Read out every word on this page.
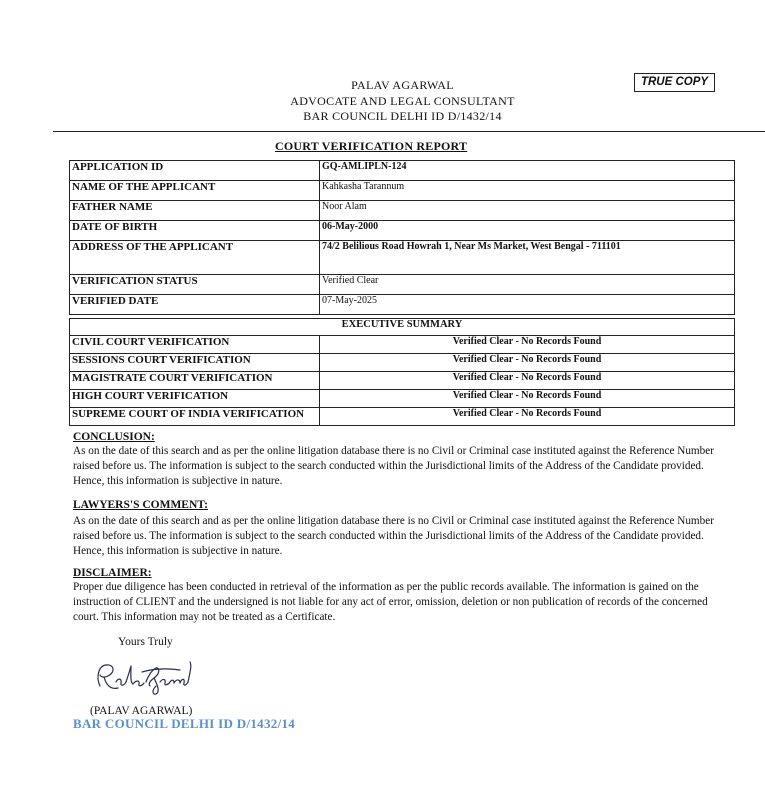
PALAV AGARWAL
ADVOCATE AND LEGAL CONSULTANT
BAR COUNCIL DELHI ID D/1432/14
TRUE COPY
COURT VERIFICATION REPORT
APPLICATION ID	GQ-AMLIPLN-124
NAME OF THE APPLICANT	Kahkasha Tarannum
FATHER NAME	Noor Alam
DATE OF BIRTH	06-May-2000
ADDRESS OF THE APPLICANT	74/2 Belilious Road Howrah 1, Near Ms Market, West Bengal - 711101
VERIFICATION STATUS	Verified Clear
VERIFIED DATE	07-May-2025
EXECUTIVE SUMMARY	
CIVIL COURT VERIFICATION	Verified Clear - No Records Found
SESSIONS COURT VERIFICATION	Verified Clear - No Records Found
MAGISTRATE COURT VERIFICATION	Verified Clear - No Records Found
HIGH COURT VERIFICATION	Verified Clear - No Records Found
SUPREME COURT OF INDIA VERIFICATION	Verified Clear - No Records Found
CONCLUSION:
As on the date of this search and as per the online litigation database there is no Civil or Criminal case instituted against the Reference Number raised before us. The information is subject to the search conducted within the Jurisdictional limits of the Address of the Candidate provided. Hence, this information is subjective in nature.
LAWYERS'S COMMENT:
As on the date of this search and as per the online litigation database there is no Civil or Criminal case instituted against the Reference Number raised before us. The information is subject to the search conducted within the Jurisdictional limits of the Address of the Candidate provided. Hence, this information is subjective in nature.
DISCLAIMER:
Proper due diligence has been conducted in retrieval of the information as per the public records available. The information is gained on the instruction of CLIENT and the undersigned is not liable for any act of error, omission, deletion or non publication of records of the concerned court. This information may not be treated as a Certificate.
Yours Truly
(PALAV AGARWAL)
BAR COUNCIL DELHI ID D/1432/14
